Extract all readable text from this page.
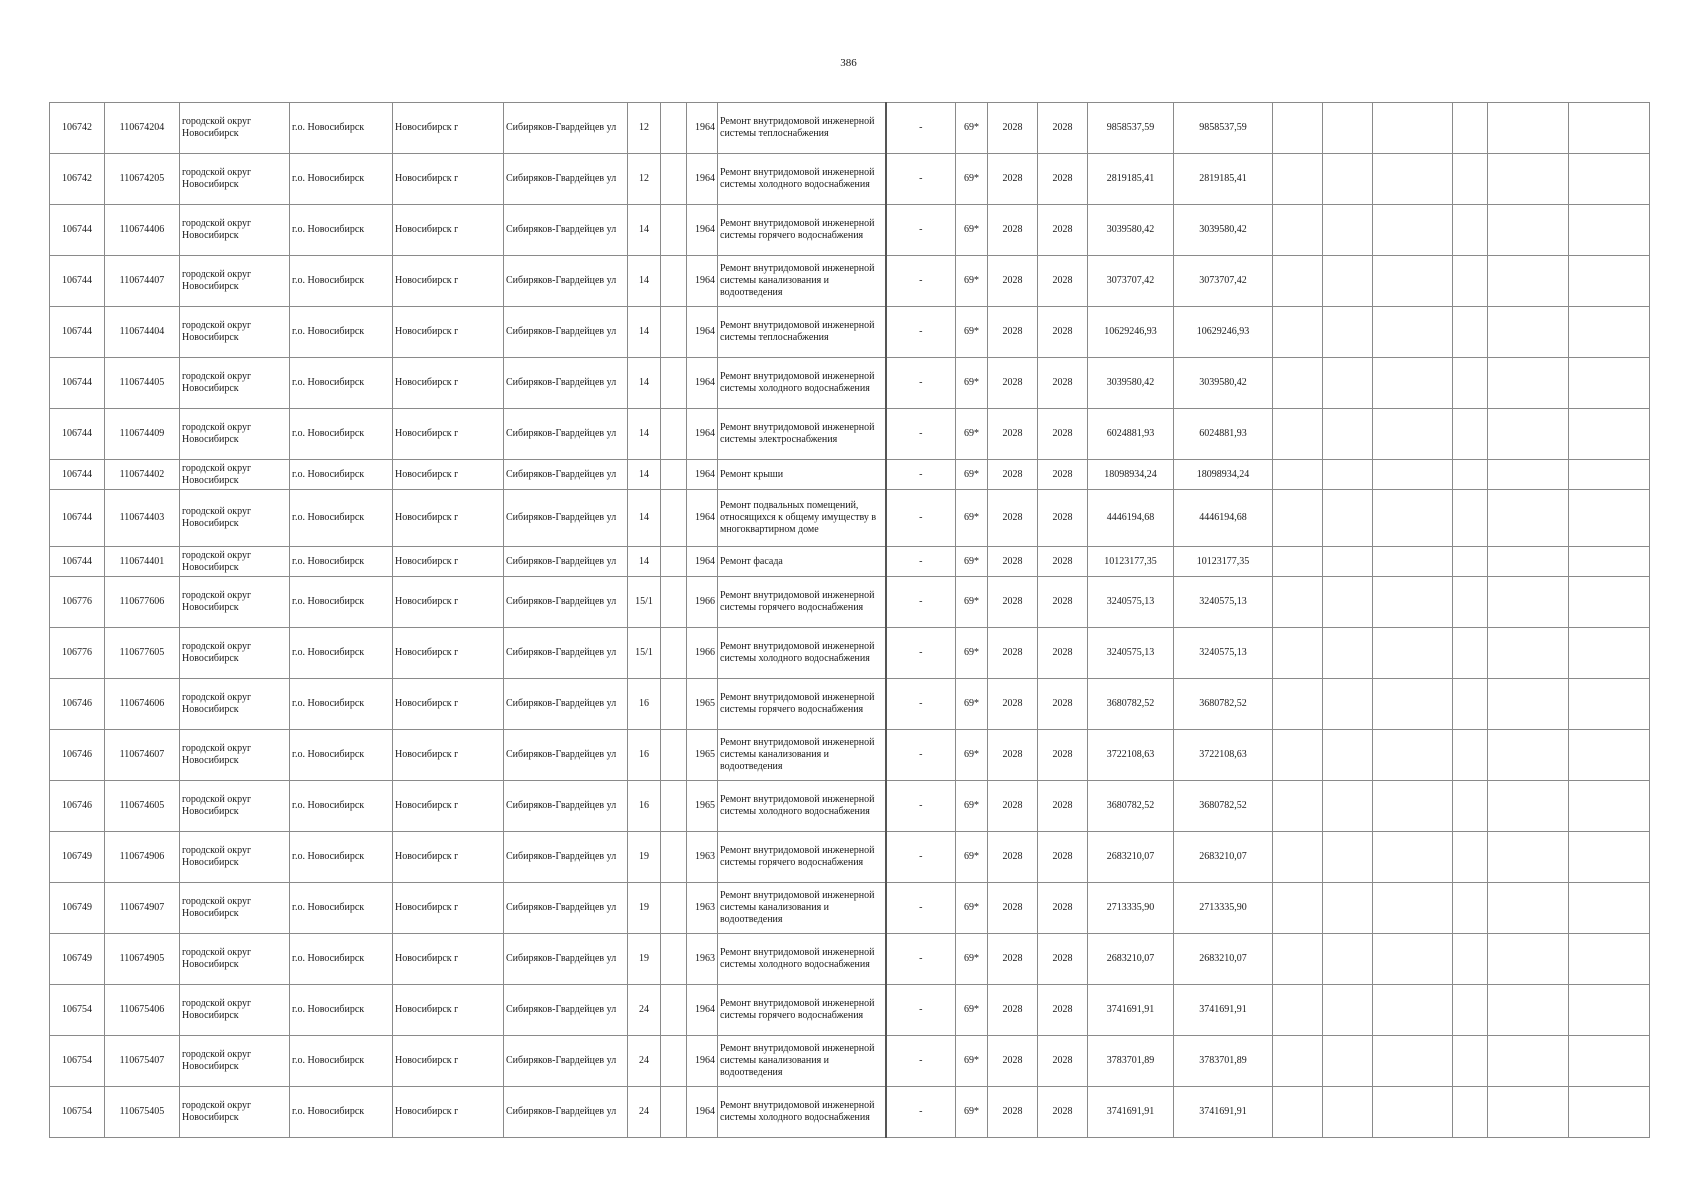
386
106742	110674204	городской округ Новосибирск	г.о. Новосибирск	Новосибирск г	Сибиряков-Гвардейцев ул	12		1964	Ремонт внутридомовой инженерной системы теплоснабжения	-	69*	2028	2028	9858537,59	9858537,59						
106742	110674205	городской округ Новосибирск	г.о. Новосибирск	Новосибирск г	Сибиряков-Гвардейцев ул	12		1964	Ремонт внутридомовой инженерной системы холодного водоснабжения	-	69*	2028	2028	2819185,41	2819185,41						
106744	110674406	городской округ Новосибирск	г.о. Новосибирск	Новосибирск г	Сибиряков-Гвардейцев ул	14		1964	Ремонт внутридомовой инженерной системы горячего водоснабжения	-	69*	2028	2028	3039580,42	3039580,42						
106744	110674407	городской округ Новосибирск	г.о. Новосибирск	Новосибирск г	Сибиряков-Гвардейцев ул	14		1964	Ремонт внутридомовой инженерной системы канализования и водоотведения	-	69*	2028	2028	3073707,42	3073707,42						
106744	110674404	городской округ Новосибирск	г.о. Новосибирск	Новосибирск г	Сибиряков-Гвардейцев ул	14		1964	Ремонт внутридомовой инженерной системы теплоснабжения	-	69*	2028	2028	10629246,93	10629246,93						
106744	110674405	городской округ Новосибирск	г.о. Новосибирск	Новосибирск г	Сибиряков-Гвардейцев ул	14		1964	Ремонт внутридомовой инженерной системы холодного водоснабжения	-	69*	2028	2028	3039580,42	3039580,42						
106744	110674409	городской округ Новосибирск	г.о. Новосибирск	Новосибирск г	Сибиряков-Гвардейцев ул	14		1964	Ремонт внутридомовой инженерной системы электроснабжения	-	69*	2028	2028	6024881,93	6024881,93						
106744	110674402	городской округ Новосибирск	г.о. Новосибирск	Новосибирск г	Сибиряков-Гвардейцев ул	14		1964	Ремонт крыши	-	69*	2028	2028	18098934,24	18098934,24						
106744	110674403	городской округ Новосибирск	г.о. Новосибирск	Новосибирск г	Сибиряков-Гвардейцев ул	14		1964	Ремонт подвальных помещений, относящихся к общему имуществу в многоквартирном доме	-	69*	2028	2028	4446194,68	4446194,68						
106744	110674401	городской округ Новосибирск	г.о. Новосибирск	Новосибирск г	Сибиряков-Гвардейцев ул	14		1964	Ремонт фасада	-	69*	2028	2028	10123177,35	10123177,35						
106776	110677606	городской округ Новосибирск	г.о. Новосибирск	Новосибирск г	Сибиряков-Гвардейцев ул	15/1		1966	Ремонт внутридомовой инженерной системы горячего водоснабжения	-	69*	2028	2028	3240575,13	3240575,13						
106776	110677605	городской округ Новосибирск	г.о. Новосибирск	Новосибирск г	Сибиряков-Гвардейцев ул	15/1		1966	Ремонт внутридомовой инженерной системы холодного водоснабжения	-	69*	2028	2028	3240575,13	3240575,13						
106746	110674606	городской округ Новосибирск	г.о. Новосибирск	Новосибирск г	Сибиряков-Гвардейцев ул	16		1965	Ремонт внутридомовой инженерной системы горячего водоснабжения	-	69*	2028	2028	3680782,52	3680782,52						
106746	110674607	городской округ Новосибирск	г.о. Новосибирск	Новосибирск г	Сибиряков-Гвардейцев ул	16		1965	Ремонт внутридомовой инженерной системы канализования и водоотведения	-	69*	2028	2028	3722108,63	3722108,63						
106746	110674605	городской округ Новосибирск	г.о. Новосибирск	Новосибирск г	Сибиряков-Гвардейцев ул	16		1965	Ремонт внутридомовой инженерной системы холодного водоснабжения	-	69*	2028	2028	3680782,52	3680782,52						
106749	110674906	городской округ Новосибирск	г.о. Новосибирск	Новосибирск г	Сибиряков-Гвардейцев ул	19		1963	Ремонт внутридомовой инженерной системы горячего водоснабжения	-	69*	2028	2028	2683210,07	2683210,07						
106749	110674907	городской округ Новосибирск	г.о. Новосибирск	Новосибирск г	Сибиряков-Гвардейцев ул	19		1963	Ремонт внутридомовой инженерной системы канализования и водоотведения	-	69*	2028	2028	2713335,90	2713335,90						
106749	110674905	городской округ Новосибирск	г.о. Новосибирск	Новосибирск г	Сибиряков-Гвардейцев ул	19		1963	Ремонт внутридомовой инженерной системы холодного водоснабжения	-	69*	2028	2028	2683210,07	2683210,07						
106754	110675406	городской округ Новосибирск	г.о. Новосибирск	Новосибирск г	Сибиряков-Гвардейцев ул	24		1964	Ремонт внутридомовой инженерной системы горячего водоснабжения	-	69*	2028	2028	3741691,91	3741691,91						
106754	110675407	городской округ Новосибирск	г.о. Новосибирск	Новосибирск г	Сибиряков-Гвардейцев ул	24		1964	Ремонт внутридомовой инженерной системы канализования и водоотведения	-	69*	2028	2028	3783701,89	3783701,89						
106754	110675405	городской округ Новосибирск	г.о. Новосибирск	Новосибирск г	Сибиряков-Гвардейцев ул	24		1964	Ремонт внутридомовой инженерной системы холодного водоснабжения	-	69*	2028	2028	3741691,91	3741691,91						
